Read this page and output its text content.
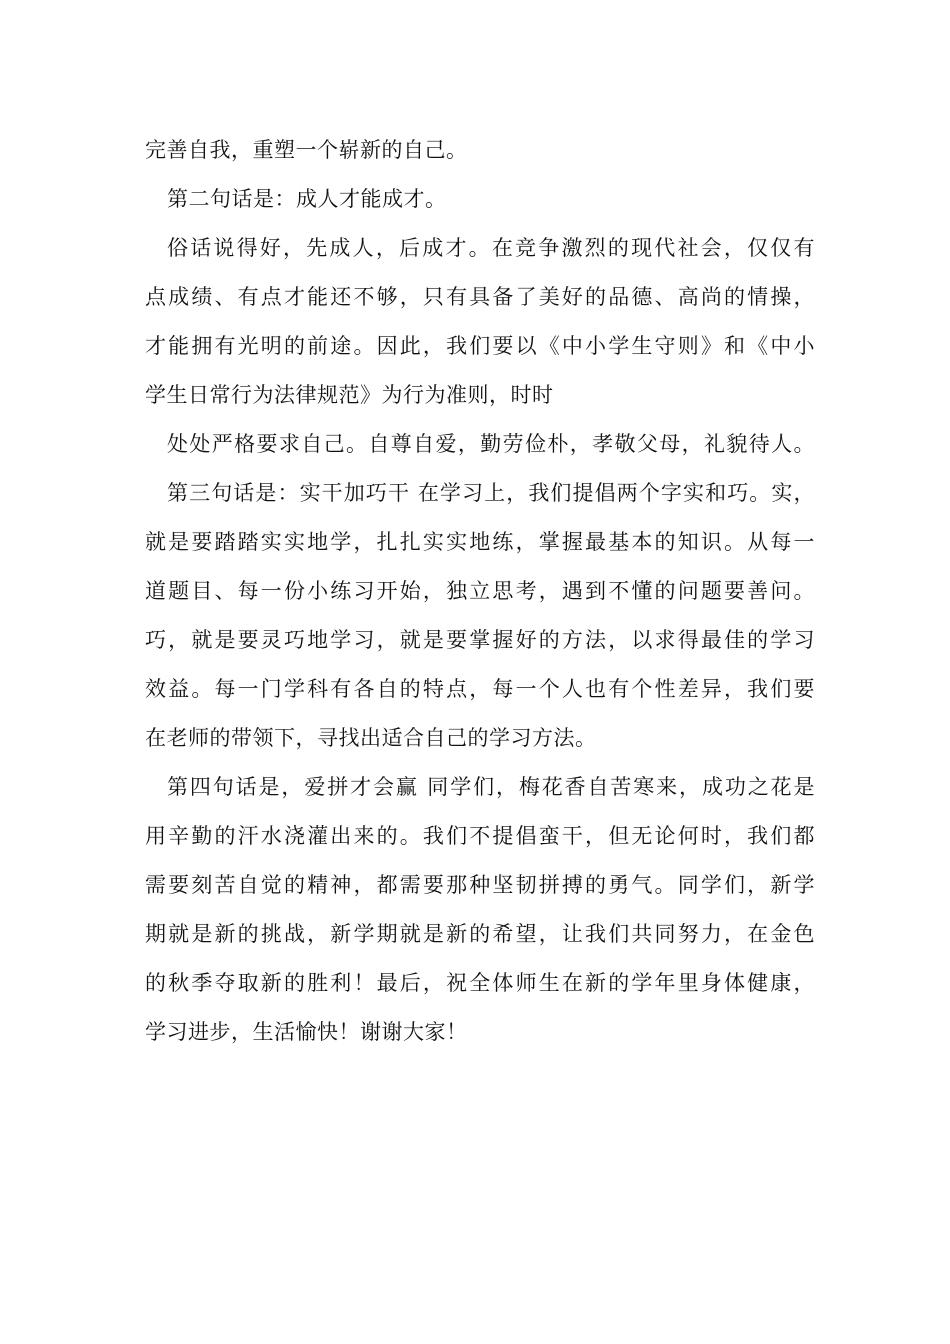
完善自我，重塑一个崭新的自己。
第二句话是：成人才能成才。
俗话说得好，先成人，后成才。在竞争激烈的现代社会，仅仅有
点成绩、有点才能还不够，只有具备了美好的品德、高尚的情操，
才能拥有光明的前途。因此，我们要以《中小学生守则》和《中小
学生日常行为法律规范》为行为准则，时时
处处严格要求自己。自尊自爱，勤劳俭朴，孝敬父母，礼貌待人。
第三句话是：实干加巧干 在学习上，我们提倡两个字实和巧。实，
就是要踏踏实实地学，扎扎实实地练，掌握最基本的知识。从每一
道题目、每一份小练习开始，独立思考，遇到不懂的问题要善问。
巧，就是要灵巧地学习，就是要掌握好的方法，以求得最佳的学习
效益。每一门学科有各自的特点，每一个人也有个性差异，我们要
在老师的带领下，寻找出适合自己的学习方法。
第四句话是，爱拼才会赢 同学们，梅花香自苦寒来，成功之花是
用辛勤的汗水浇灌出来的。我们不提倡蛮干，但无论何时，我们都
需要刻苦自觉的精神，都需要那种坚韧拼搏的勇气。同学们，新学
期就是新的挑战，新学期就是新的希望，让我们共同努力，在金色
的秋季夺取新的胜利！最后，祝全体师生在新的学年里身体健康，
学习进步，生活愉快！谢谢大家！
